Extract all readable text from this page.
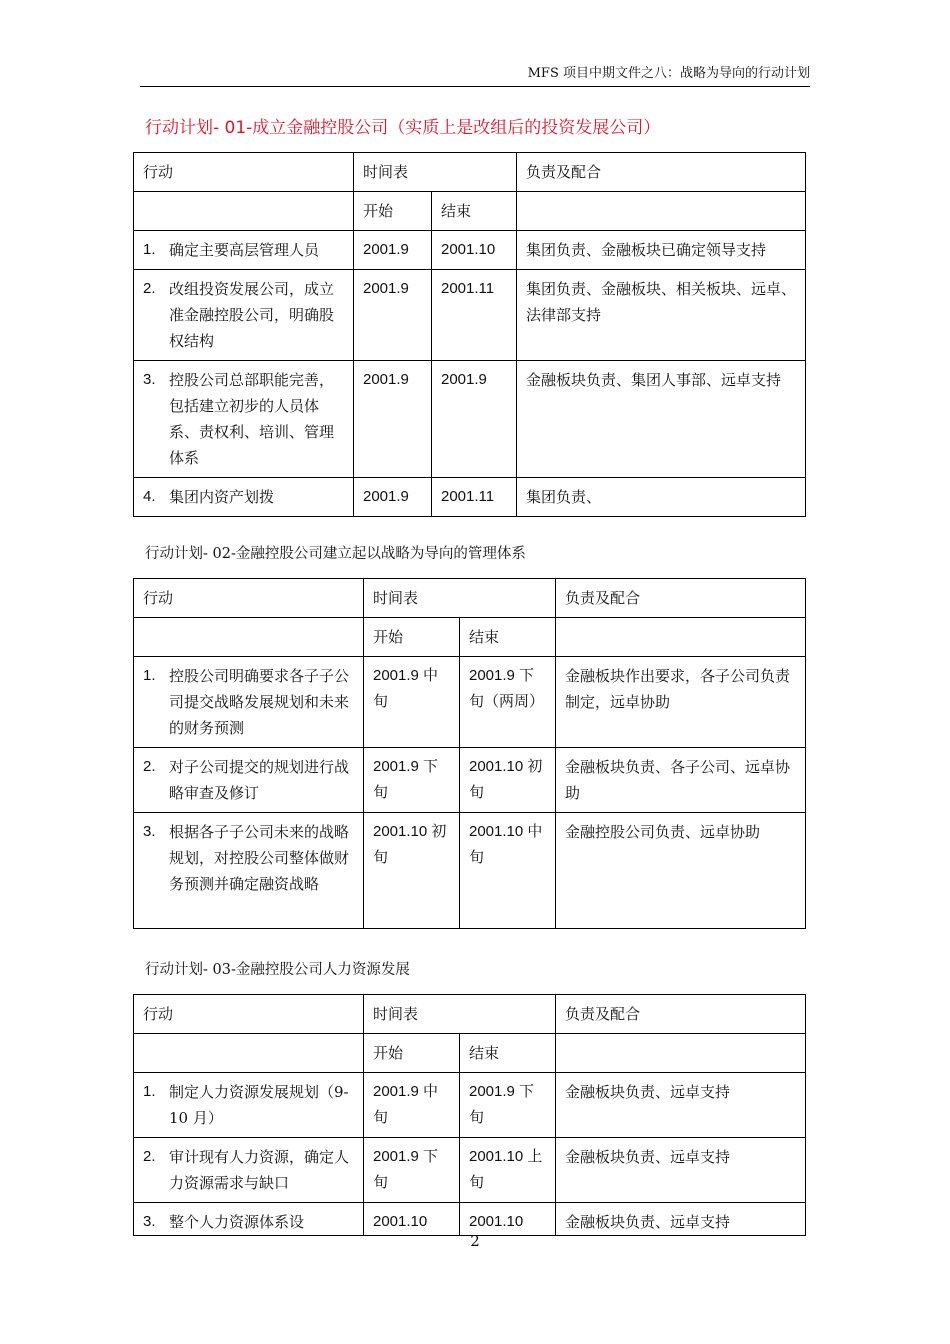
MFS 项目中期文件之八：战略为导向的行动计划
行动计划- 01-成立金融控股公司（实质上是改组后的投资发展公司）
行动	时间表		负责及配合
	开始	结束	

1. 确定主要高层管理人员	2001.9	2001.10	集团负责、金融板块已确定领导支持

2. 改组投资发展公司，成立准金融控股公司，明确股权结构	2001.9	2001.11	集团负责、金融板块、相关板块、远卓、法律部支持

3. 控股公司总部职能完善，包括建立初步的人员体系、责权利、培训、管理体系	2001.9	2001.9	金融板块负责、集团人事部、远卓支持

4. 集团内资产划拨	2001.9	2001.11	集团负责、
行动计划- 02-金融控股公司建立起以战略为导向的管理体系
行动	时间表		负责及配合
	开始	结束	

1. 控股公司明确要求各子子公司提交战略发展规划和未来的财务预测	2001.9 中旬	2001.9 下旬（两周）	金融板块作出要求，各子公司负责制定，远卓协助

2. 对子公司提交的规划进行战略审查及修订	2001.9 下旬	2001.10 初旬	金融板块负责、各子公司、远卓协助

3. 根据各子子公司未来的战略规划，对控股公司整体做财务预测并确定融资战略	2001.10 初旬	2001.10 中旬	金融控股公司负责、远卓协助
行动计划- 03-金融控股公司人力资源发展
行动	时间表		负责及配合
	开始	结束	

1. 制定人力资源发展规划（9-10 月）	2001.9 中旬	2001.9 下旬	金融板块负责、远卓支持

2. 审计现有人力资源，确定人力资源需求与缺口	2001.9 下旬	2001.10 上旬	金融板块负责、远卓支持

3. 整个人力资源体系设	2001.10	2001.10	金融板块负责、远卓支持
2
